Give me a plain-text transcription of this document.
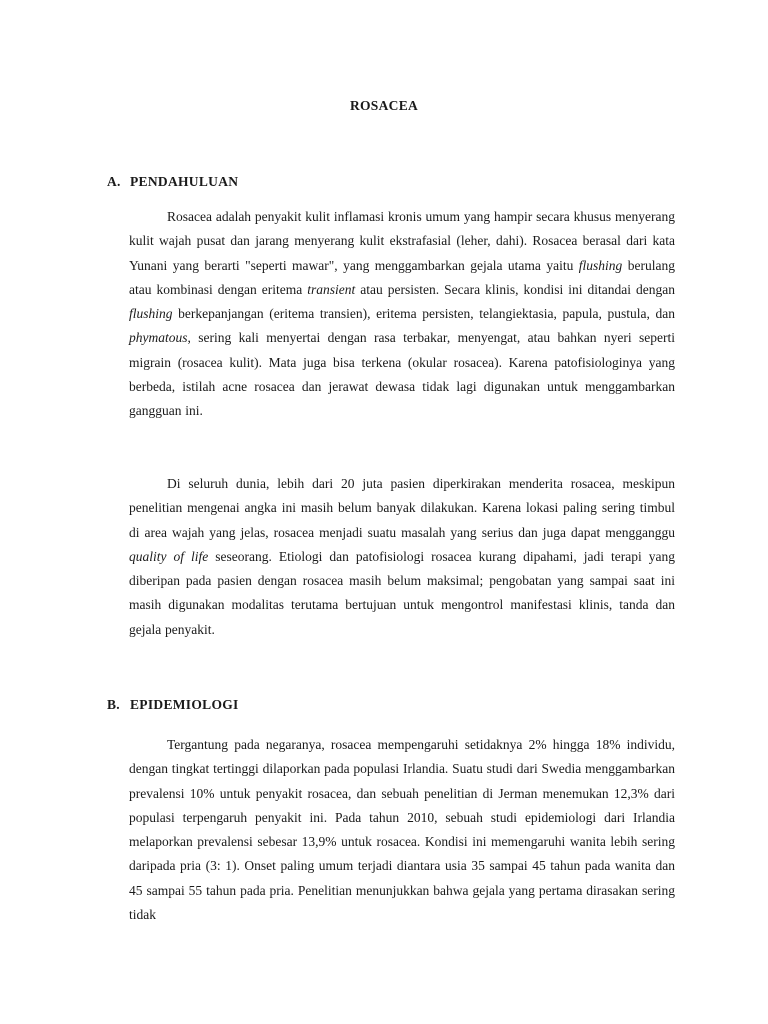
ROSACEA
A. PENDAHULUAN

Rosacea adalah penyakit kulit inflamasi kronis umum yang hampir secara khusus menyerang kulit wajah pusat dan jarang menyerang kulit ekstrafasial (leher, dahi). Rosacea berasal dari kata Yunani yang berarti "seperti mawar", yang menggambarkan gejala utama yaitu flushing berulang atau kombinasi dengan eritema transient atau persisten. Secara klinis, kondisi ini ditandai dengan flushing berkepanjangan (eritema transien), eritema persisten, telangiektasia, papula, pustula, dan phymatous, sering kali menyertai dengan rasa terbakar, menyengat, atau bahkan nyeri seperti migrain (rosacea kulit). Mata juga bisa terkena (okular rosacea). Karena patofisiologinya yang berbeda, istilah acne rosacea dan jerawat dewasa tidak lagi digunakan untuk menggambarkan gangguan ini.

Di seluruh dunia, lebih dari 20 juta pasien diperkirakan menderita rosacea, meskipun penelitian mengenai angka ini masih belum banyak dilakukan. Karena lokasi paling sering timbul di area wajah yang jelas, rosacea menjadi suatu masalah yang serius dan juga dapat mengganggu quality of life seseorang. Etiologi dan patofisiologi rosacea kurang dipahami, jadi terapi yang diberipan pada pasien dengan rosacea masih belum maksimal; pengobatan yang sampai saat ini masih digunakan modalitas terutama bertujuan untuk mengontrol manifestasi klinis, tanda dan gejala penyakit.

B. EPIDEMIOLOGI

Tergantung pada negaranya, rosacea mempengaruhi setidaknya 2% hingga 18% individu, dengan tingkat tertinggi dilaporkan pada populasi Irlandia. Suatu studi dari Swedia menggambarkan prevalensi 10% untuk penyakit rosacea, dan sebuah penelitian di Jerman menemukan 12,3% dari populasi terpengaruh penyakit ini. Pada tahun 2010, sebuah studi epidemiologi dari Irlandia melaporkan prevalensi sebesar 13,9% untuk rosacea. Kondisi ini memengaruhi wanita lebih sering daripada pria (3: 1). Onset paling umum terjadi diantara usia 35 sampai 45 tahun pada wanita dan 45 sampai 55 tahun pada pria. Penelitian menunjukkan bahwa gejala yang pertama dirasakan sering tidak
